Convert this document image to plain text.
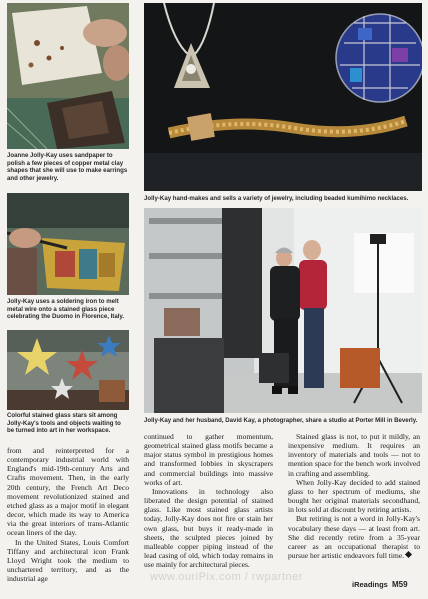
Joanne Jolly-Kay uses sandpaper to polish a few pieces of copper metal clay shapes that she will use to make earrings and other jewelry.
Jolly-Kay hand-makes and sells a variety of jewelry, including beaded kumihimo necklaces.
Jolly-Kay uses a soldering iron to melt metal wire onto a stained glass piece celebrating the Duomo in Florence, Italy.
Jolly-Kay and her husband, David Kay, a photographer, share a studio at Porter Mill in Beverly.
Colorful stained glass stars sit among Jolly-Kay's tools and objects waiting to be turned into art in her workspace.

from and reinterpreted for a contemporary industrial world with England's mid-19th-century Arts and Crafts movement. Then, in the early 20th century, the French Art Deco movement revolutionized stained and etched glass as a major motif in elegant decor, which made its way to America via the great interiors of trans-Atlantic ocean liners of the day.

In the United States, Louis Comfort Tiffany and architectural icon Frank Lloyd Wright took the medium to unchartered territory, and as the industrial age

continued to gather momentum, geometrical stained glass motifs became a major status symbol in prestigious homes and transformed lobbies in skyscrapers and commercial buildings into massive works of art.

Innovations in technology also liberated the design potential of stained glass. Like most stained glass artists today, Jolly-Kay does not fire or stain her own glass, but buys it ready-made in sheets, the sculpted pieces joined by malleable copper piping instead of the lead casing of old, which today remains in use mainly for architectural pieces.

Stained glass is not, to put it mildly, an inexpensive medium. It requires an inventory of materials and tools — not to mention space for the bench work involved in crafting and assembling.

When Jolly-Kay decided to add stained glass to her spectrum of mediums, she bought her original materials secondhand, in lots sold at discount by retiring artists.

But retiring is not a word in Jolly-Kay's vocabulary these days — at least from art. She did recently retire from a 35-year career as an occupational therapist to pursue her artistic endeavors full time.

www.ouriPix.com / rwpartner
iReadings M59
